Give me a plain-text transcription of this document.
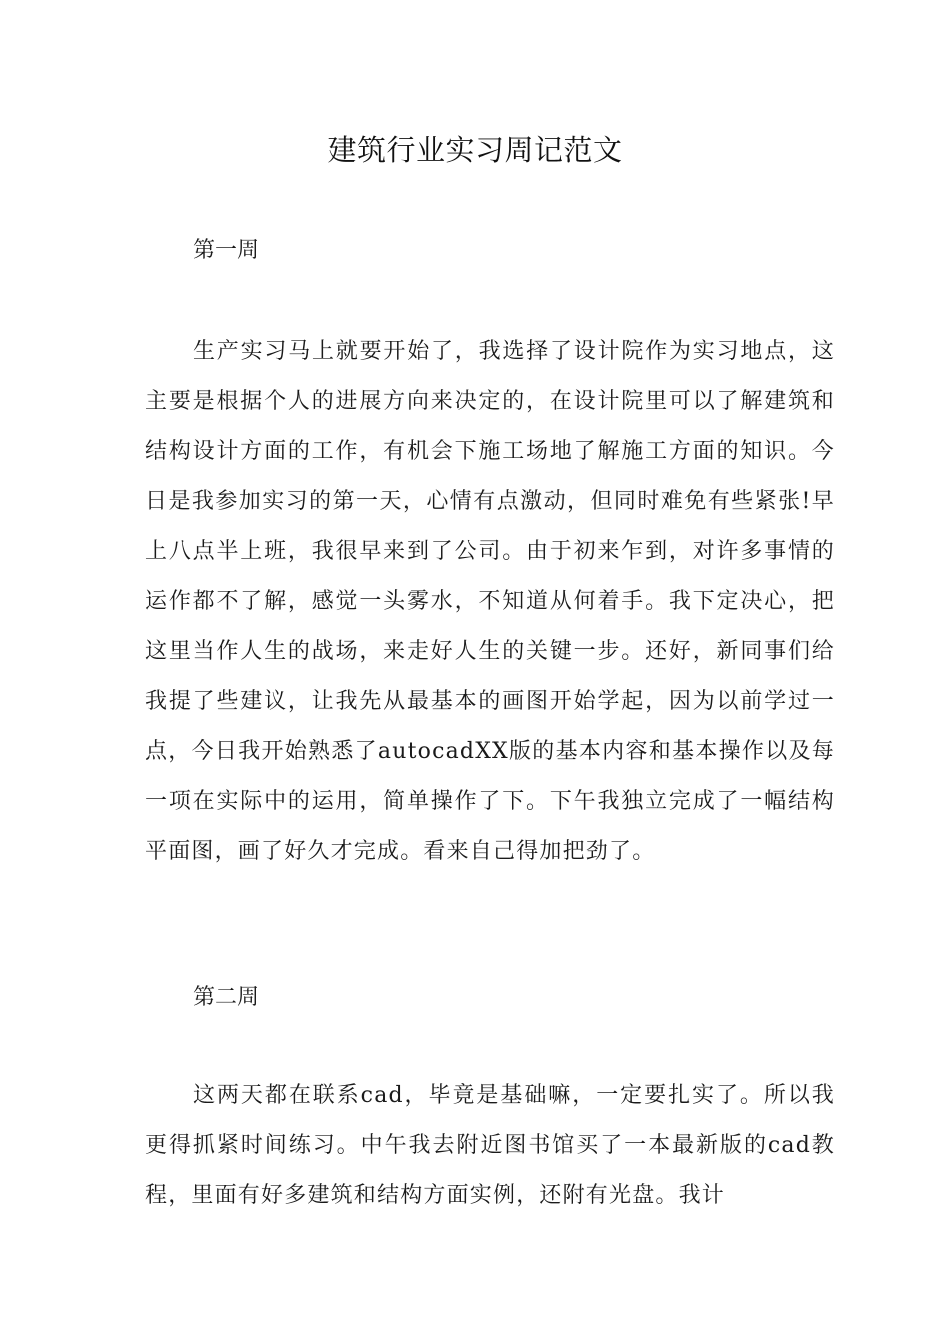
建筑行业实习周记范文
第一周

生产实习马上就要开始了，我选择了设计院作为实习地点，这主要是根据个人的进展方向来决定的，在设计院里可以了解建筑和结构设计方面的工作，有机会下施工场地了解施工方面的知识。今日是我参加实习的第一天，心情有点激动，但同时难免有些紧张!早上八点半上班，我很早来到了公司。由于初来乍到，对许多事情的运作都不了解，感觉一头雾水，不知道从何着手。我下定决心，把这里当作人生的战场，来走好人生的关键一步。还好，新同事们给我提了些建议，让我先从最基本的画图开始学起，因为以前学过一点，今日我开始熟悉了autocadXX版的基本内容和基本操作以及每一项在实际中的运用，简单操作了下。下午我独立完成了一幅结构平面图，画了好久才完成。看来自己得加把劲了。

第二周

这两天都在联系cad，毕竟是基础嘛，一定要扎实了。所以我更得抓紧时间练习。中午我去附近图书馆买了一本最新版的cad教程，里面有好多建筑和结构方面实例，还附有光盘。我计
